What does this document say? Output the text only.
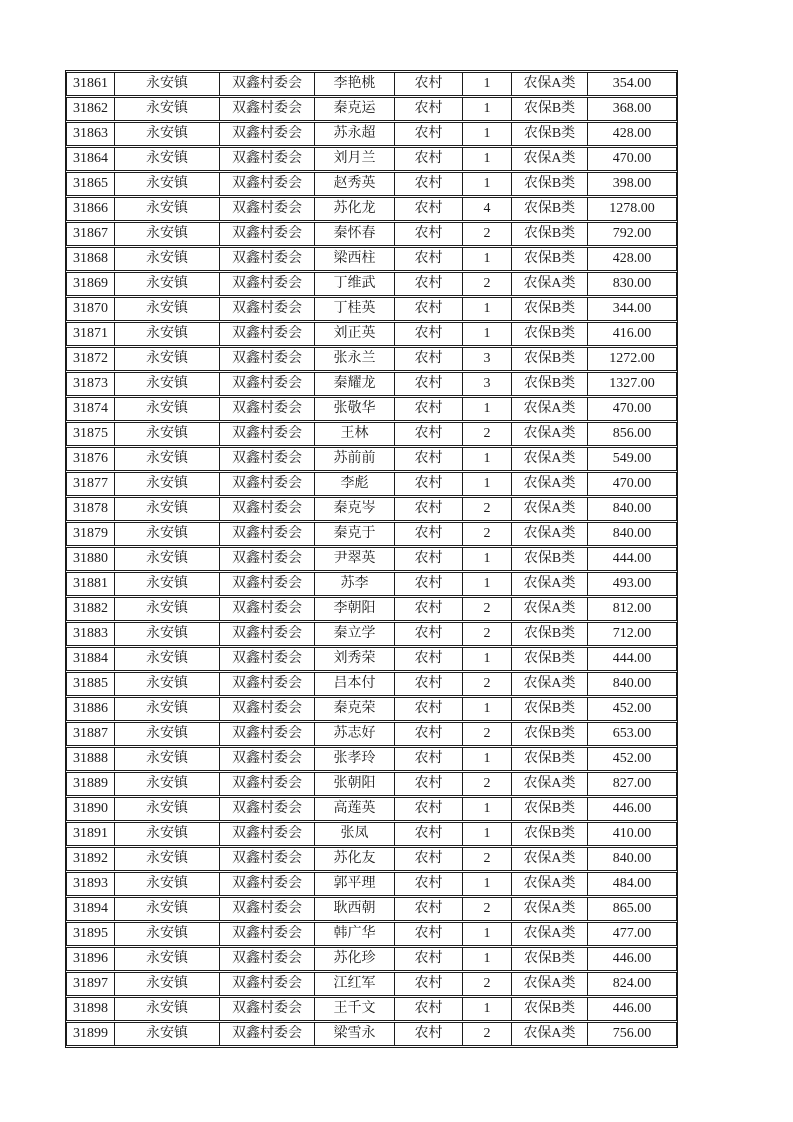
31861	永安镇	双鑫村委会	李艳桃	农村	1	农保A类	354.00
31862	永安镇	双鑫村委会	秦克运	农村	1	农保B类	368.00
31863	永安镇	双鑫村委会	苏永超	农村	1	农保B类	428.00
31864	永安镇	双鑫村委会	刘月兰	农村	1	农保A类	470.00
31865	永安镇	双鑫村委会	赵秀英	农村	1	农保B类	398.00
31866	永安镇	双鑫村委会	苏化龙	农村	4	农保B类	1278.00
31867	永安镇	双鑫村委会	秦怀春	农村	2	农保B类	792.00
31868	永安镇	双鑫村委会	梁西柱	农村	1	农保B类	428.00
31869	永安镇	双鑫村委会	丁维武	农村	2	农保A类	830.00
31870	永安镇	双鑫村委会	丁桂英	农村	1	农保B类	344.00
31871	永安镇	双鑫村委会	刘正英	农村	1	农保B类	416.00
31872	永安镇	双鑫村委会	张永兰	农村	3	农保B类	1272.00
31873	永安镇	双鑫村委会	秦耀龙	农村	3	农保B类	1327.00
31874	永安镇	双鑫村委会	张敬华	农村	1	农保A类	470.00
31875	永安镇	双鑫村委会	王林	农村	2	农保A类	856.00
31876	永安镇	双鑫村委会	苏前前	农村	1	农保A类	549.00
31877	永安镇	双鑫村委会	李彪	农村	1	农保A类	470.00
31878	永安镇	双鑫村委会	秦克岑	农村	2	农保A类	840.00
31879	永安镇	双鑫村委会	秦克于	农村	2	农保A类	840.00
31880	永安镇	双鑫村委会	尹翠英	农村	1	农保B类	444.00
31881	永安镇	双鑫村委会	苏李	农村	1	农保A类	493.00
31882	永安镇	双鑫村委会	李朝阳	农村	2	农保A类	812.00
31883	永安镇	双鑫村委会	秦立学	农村	2	农保B类	712.00
31884	永安镇	双鑫村委会	刘秀荣	农村	1	农保B类	444.00
31885	永安镇	双鑫村委会	吕本付	农村	2	农保A类	840.00
31886	永安镇	双鑫村委会	秦克荣	农村	1	农保B类	452.00
31887	永安镇	双鑫村委会	苏志好	农村	2	农保B类	653.00
31888	永安镇	双鑫村委会	张孝玲	农村	1	农保B类	452.00
31889	永安镇	双鑫村委会	张朝阳	农村	2	农保A类	827.00
31890	永安镇	双鑫村委会	高莲英	农村	1	农保B类	446.00
31891	永安镇	双鑫村委会	张凤	农村	1	农保B类	410.00
31892	永安镇	双鑫村委会	苏化友	农村	2	农保A类	840.00
31893	永安镇	双鑫村委会	郭平理	农村	1	农保A类	484.00
31894	永安镇	双鑫村委会	耿西朝	农村	2	农保A类	865.00
31895	永安镇	双鑫村委会	韩广华	农村	1	农保A类	477.00
31896	永安镇	双鑫村委会	苏化珍	农村	1	农保B类	446.00
31897	永安镇	双鑫村委会	江红军	农村	2	农保A类	824.00
31898	永安镇	双鑫村委会	王千文	农村	1	农保B类	446.00
31899	永安镇	双鑫村委会	梁雪永	农村	2	农保A类	756.00
